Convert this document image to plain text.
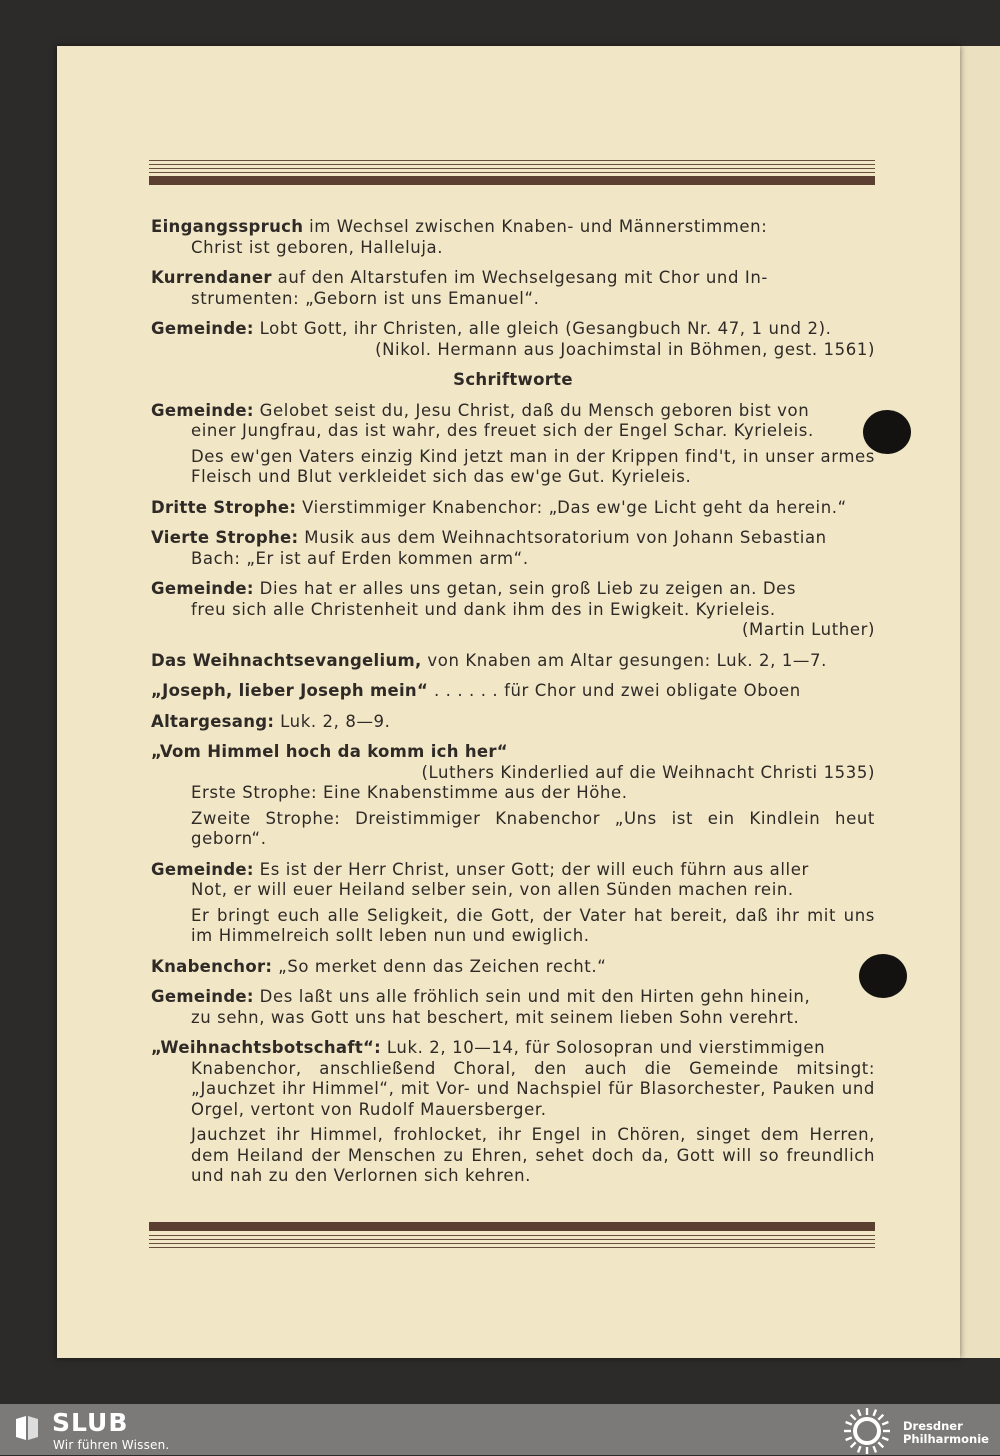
Eingangsspruch im Wechsel zwischen Knaben- und Männerstimmen:

Christ ist geboren, Halleluja.

Kurrendaner auf den Altarstufen im Wechselgesang mit Chor und In-

strumenten: „Geborn ist uns Emanuel“.

Gemeinde: Lobt Gott, ihr Christen, alle gleich (Gesangbuch Nr. 47, 1 und 2).

(Nikol. Hermann aus Joachimstal in Böhmen, gest. 1561)

Schriftworte

Gemeinde: Gelobet seist du, Jesu Christ, daß du Mensch geboren bist von

einer Jungfrau, das ist wahr, des freuet sich der Engel Schar. Kyrieleis.

Des ew'gen Vaters einzig Kind jetzt man in der Krippen find't, in unser armes Fleisch und Blut verkleidet sich das ew'ge Gut. Kyrieleis.

Dritte Strophe: Vierstimmiger Knabenchor: „Das ew'ge Licht geht da herein.“

Vierte Strophe: Musik aus dem Weihnachtsoratorium von Johann Sebastian

Bach: „Er ist auf Erden kommen arm“.

Gemeinde: Dies hat er alles uns getan, sein groß Lieb zu zeigen an. Des

freu sich alle Christenheit und dank ihm des in Ewigkeit. Kyrieleis.

(Martin Luther)

Das Weihnachtsevangelium, von Knaben am Altar gesungen: Luk. 2, 1—7.

„Joseph, lieber Joseph mein“ . . . . . . für Chor und zwei obligate Oboen

Altargesang: Luk. 2, 8—9.

„Vom Himmel hoch da komm ich her“

(Luthers Kinderlied auf die Weihnacht Christi 1535)

Erste Strophe: Eine Knabenstimme aus der Höhe.

Zweite Strophe: Dreistimmiger Knabenchor „Uns ist ein Kindlein heut geborn“.

Gemeinde: Es ist der Herr Christ, unser Gott; der will euch führn aus aller

Not, er will euer Heiland selber sein, von allen Sünden machen rein.

Er bringt euch alle Seligkeit, die Gott, der Vater hat bereit, daß ihr mit uns im Himmelreich sollt leben nun und ewiglich.

Knabenchor: „So merket denn das Zeichen recht.“

Gemeinde: Des laßt uns alle fröhlich sein und mit den Hirten gehn hinein,

zu sehn, was Gott uns hat beschert, mit seinem lieben Sohn verehrt.

„Weihnachtsbotschaft“: Luk. 2, 10—14, für Solosopran und vierstimmigen

Knabenchor, anschließend Choral, den auch die Gemeinde mitsingt: „Jauchzet ihr Himmel“, mit Vor- und Nachspiel für Blasorchester, Pauken und Orgel, vertont von Rudolf Mauersberger.

Jauchzet ihr Himmel, frohlocket, ihr Engel in Chören, singet dem Herren, dem Heiland der Menschen zu Ehren, sehet doch da, Gott will so freundlich und nah zu den Verlornen sich kehren.

SLUB
Wir führen Wissen.
Dresdner
Philharmonie
